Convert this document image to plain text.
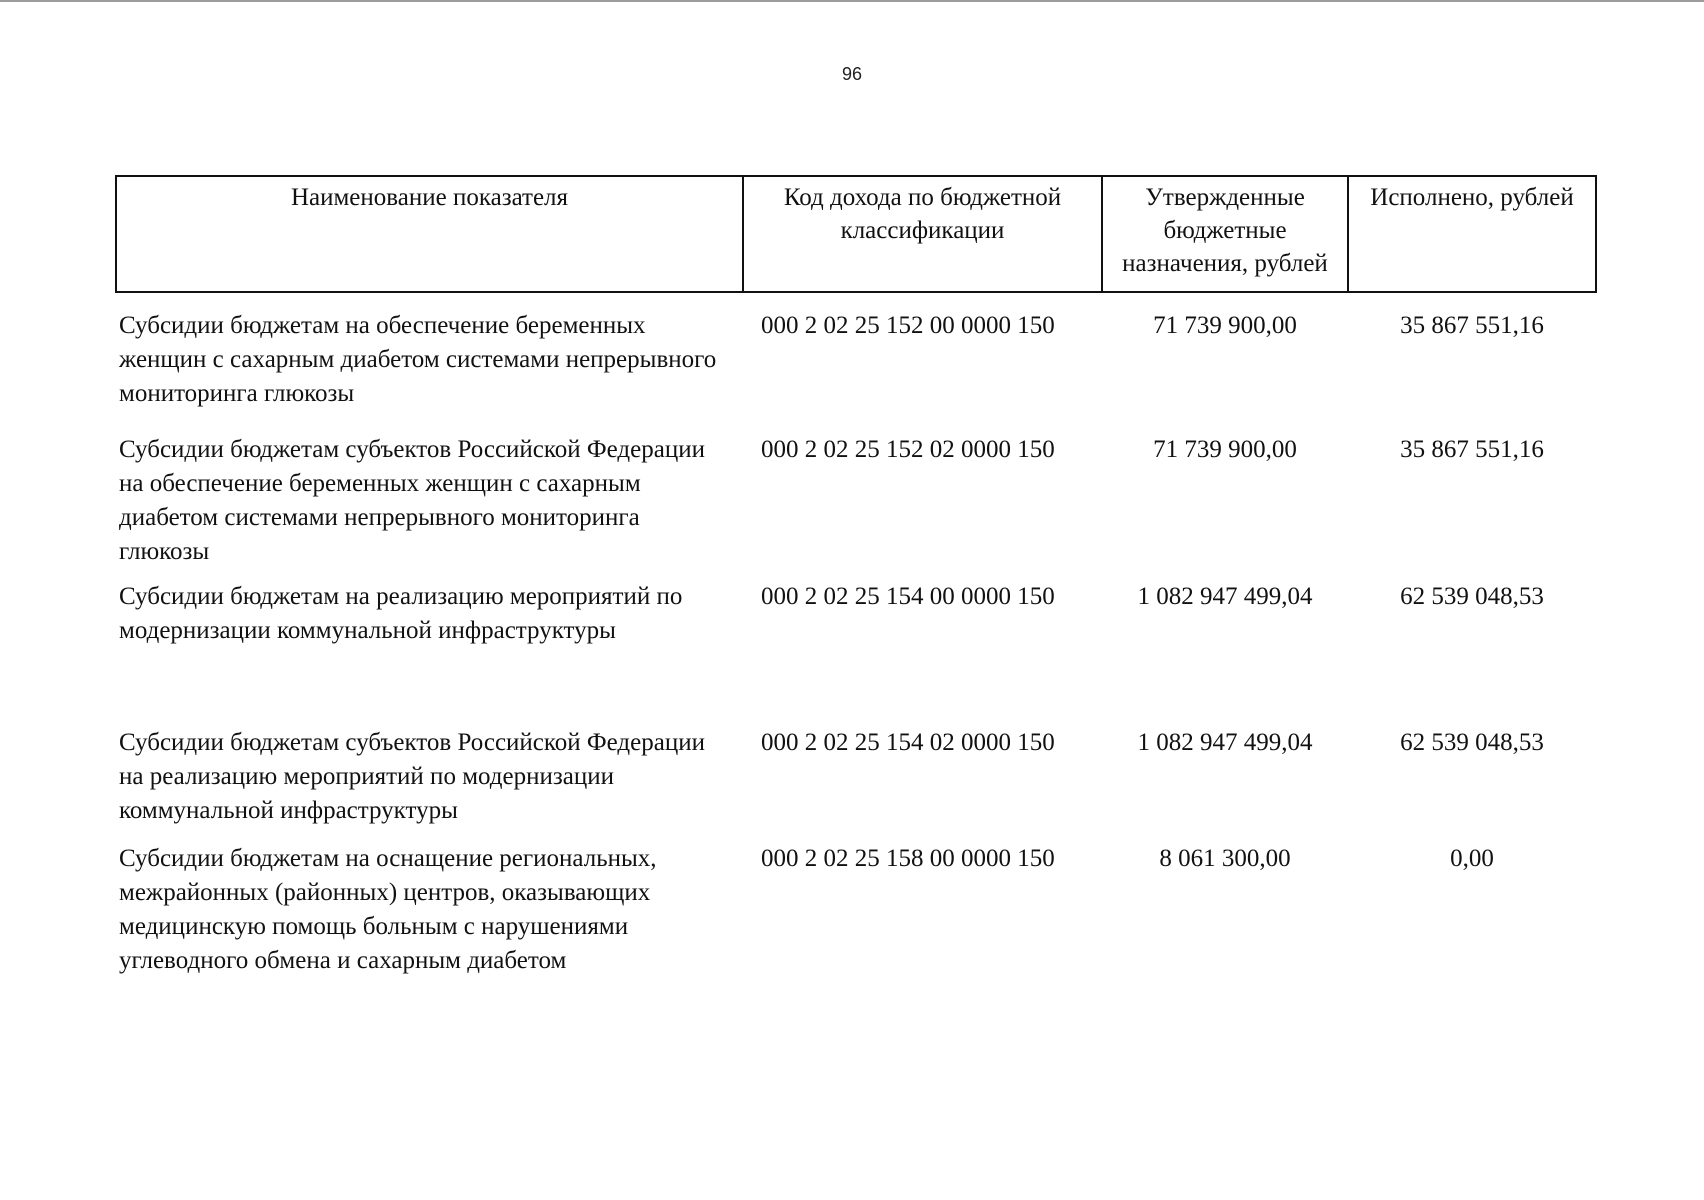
96
Наименование показателя	Код дохода по бюджетной классификации	Утвержденные бюджетные назначения, рублей	Исполнено, рублей
Субсидии бюджетам на обеспечение беременных женщин с сахарным диабетом системами непрерывного мониторинга глюкозы	000 2 02 25 152 00 0000 150	71 739 900,00	35 867 551,16
Субсидии бюджетам субъектов Российской Федерации на обеспечение беременных женщин с сахарным диабетом системами непрерывного мониторинга глюкозы	000 2 02 25 152 02 0000 150	71 739 900,00	35 867 551,16
Субсидии бюджетам на реализацию мероприятий по модернизации коммунальной инфраструктуры	000 2 02 25 154 00 0000 150	1 082 947 499,04	62 539 048,53
Субсидии бюджетам субъектов Российской Федерации на реализацию мероприятий по модернизации коммунальной инфраструктуры	000 2 02 25 154 02 0000 150	1 082 947 499,04	62 539 048,53
Субсидии бюджетам на оснащение региональных, межрайонных (районных) центров, оказывающих медицинскую помощь больным с нарушениями углеводного обмена и сахарным диабетом	000 2 02 25 158 00 0000 150	8 061 300,00	0,00
